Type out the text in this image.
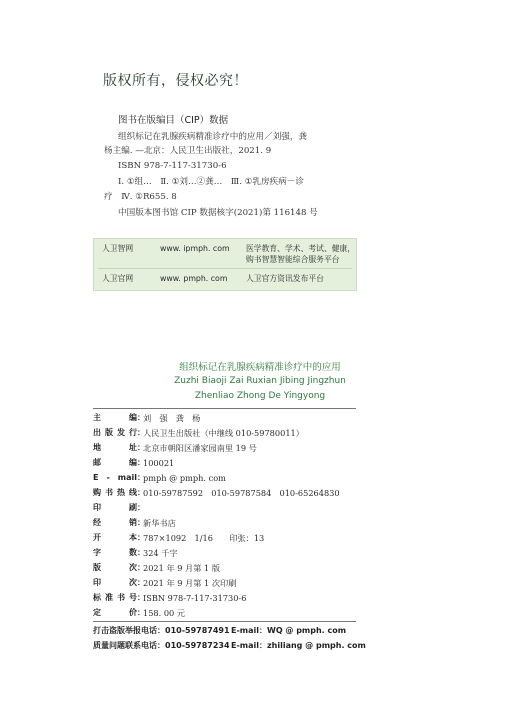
版权所有，侵权必究！
图书在版编目（CIP）数据
组织标记在乳腺疾病精准诊疗中的应用／刘强，龚
杨主编. —北京：人民卫生出版社，2021. 9
ISBN 978-7-117-31730-6
Ⅰ. ①组…　Ⅱ. ①刘…②龚…　Ⅲ. ①乳房疾病－诊
疗　Ⅳ. ①R655. 8
中国版本图书馆 CIP 数据核字(2021)第 116148 号
人卫智网	www. ipmph. com 医学教育、学术、考试、健康，
购书智慧智能综合服务平台
人卫官网	www. pmph. com 人卫官方资讯发布平台
组织标记在乳腺疾病精准诊疗中的应用
Zuzhi Biaoji Zai Ruxian Jibing Jingzhun
Zhenliao Zhong De Yingyong
主编 ：
刘　强　龚　杨
出版发行 ：
人民卫生出版社（中继线 010-59780011）
地址 ：
北京市朝阳区潘家园南里 19 号
邮编 ：
100021
E - mail ：
pmph @ pmph. com
购书热线 ：
010-59787592　010-59787584　010-65264830
印刷 ：
经销 ：
新华书店
开本 ：
787×1092　1/16　　印张：13
字数 ：
324 千字
版次 ：
2021 年 9 月第 1 版
印次 ：
2021 年 9 月第 1 次印刷
标准书号 ：
ISBN 978-7-117-31730-6
定价 ：
158. 00 元
打击盗版举报电话：010-59787491 E-mail：WQ @ pmph. com
质量问题联系电话：010-59787234 E-mail：zhiliang @ pmph. com
